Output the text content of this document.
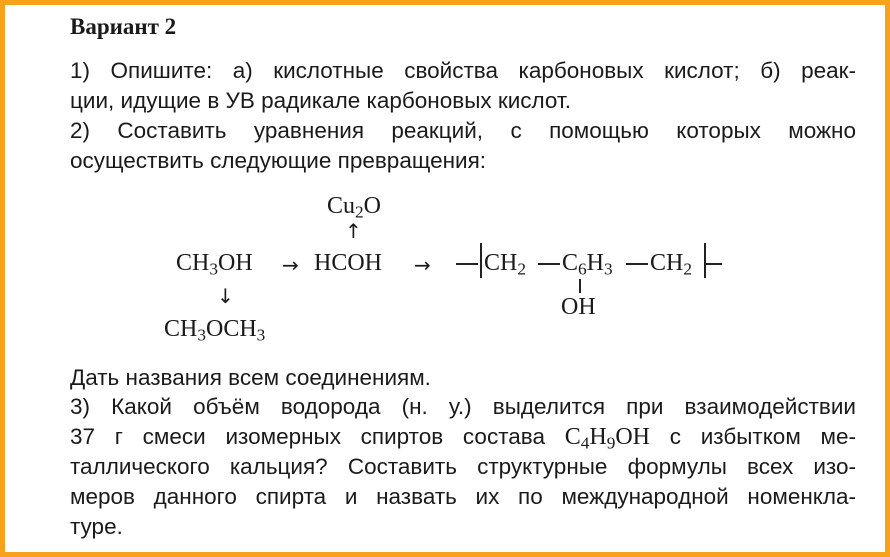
Вариант 2
1) Опишите: а) кислотные свойства карбоновых кислот; б) реак-
ции, идущие в УВ радикале карбоновых кислот.
2) Составить уравнения реакций, с помощью которых можно
осуществить следующие превращения:
$Cu_2O$
↑
$CH_3OH$ → HCOH → $CH_2$ $C_6H_3$ $CH_2$
OH
↓
$CH_3OCH_3$
Дать названия всем соединениям.
3) Какой объём водорода (н. у.) выделится при взаимодействии
37 г смеси изомерных спиртов состава $C_4H_9OH$ с избытком ме-
таллического кальция? Составить структурные формулы всех изо-
меров данного спирта и назвать их по международной номенкла-
туре.
